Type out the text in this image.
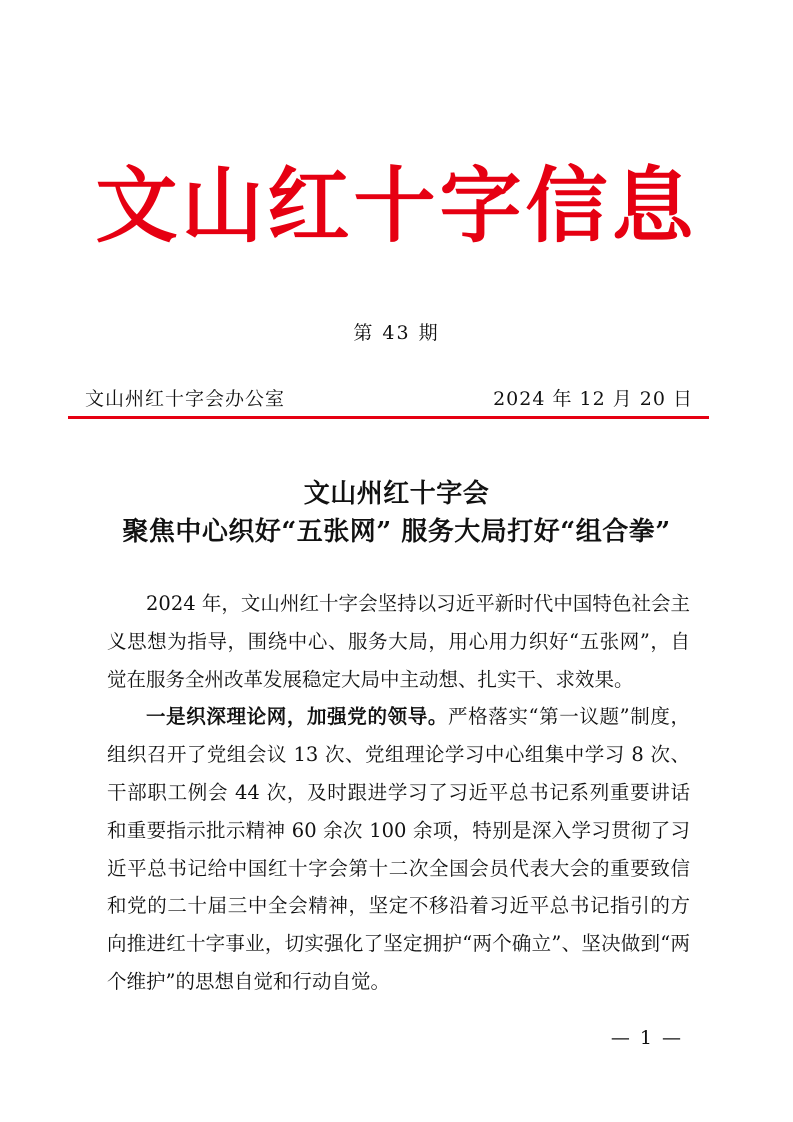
文山红十字信息
第 43 期
文山州红十字会办公室	2024 年 12 月 20 日
文山州红十字会
聚焦中心织好“五张网” 服务大局打好“组合拳”

2024 年，文山州红十字会坚持以习近平新时代中国特色社会主义思想为指导，围绕中心、服务大局，用心用力织好“五张网”，自觉在服务全州改革发展稳定大局中主动想、扎实干、求效果。

一是织深理论网，加强党的领导。严格落实“第一议题”制度，组织召开了党组会议 13 次、党组理论学习中心组集中学习 8 次、干部职工例会 44 次，及时跟进学习了习近平总书记系列重要讲话和重要指示批示精神 60 余次 100 余项，特别是深入学习贯彻了习近平总书记给中国红十字会第十二次全国会员代表大会的重要致信和党的二十届三中全会精神，坚定不移沿着习近平总书记指引的方向推进红十字事业，切实强化了坚定拥护“两个确立”、坚决做到“两个维护”的思想自觉和行动自觉。

— 1 —
